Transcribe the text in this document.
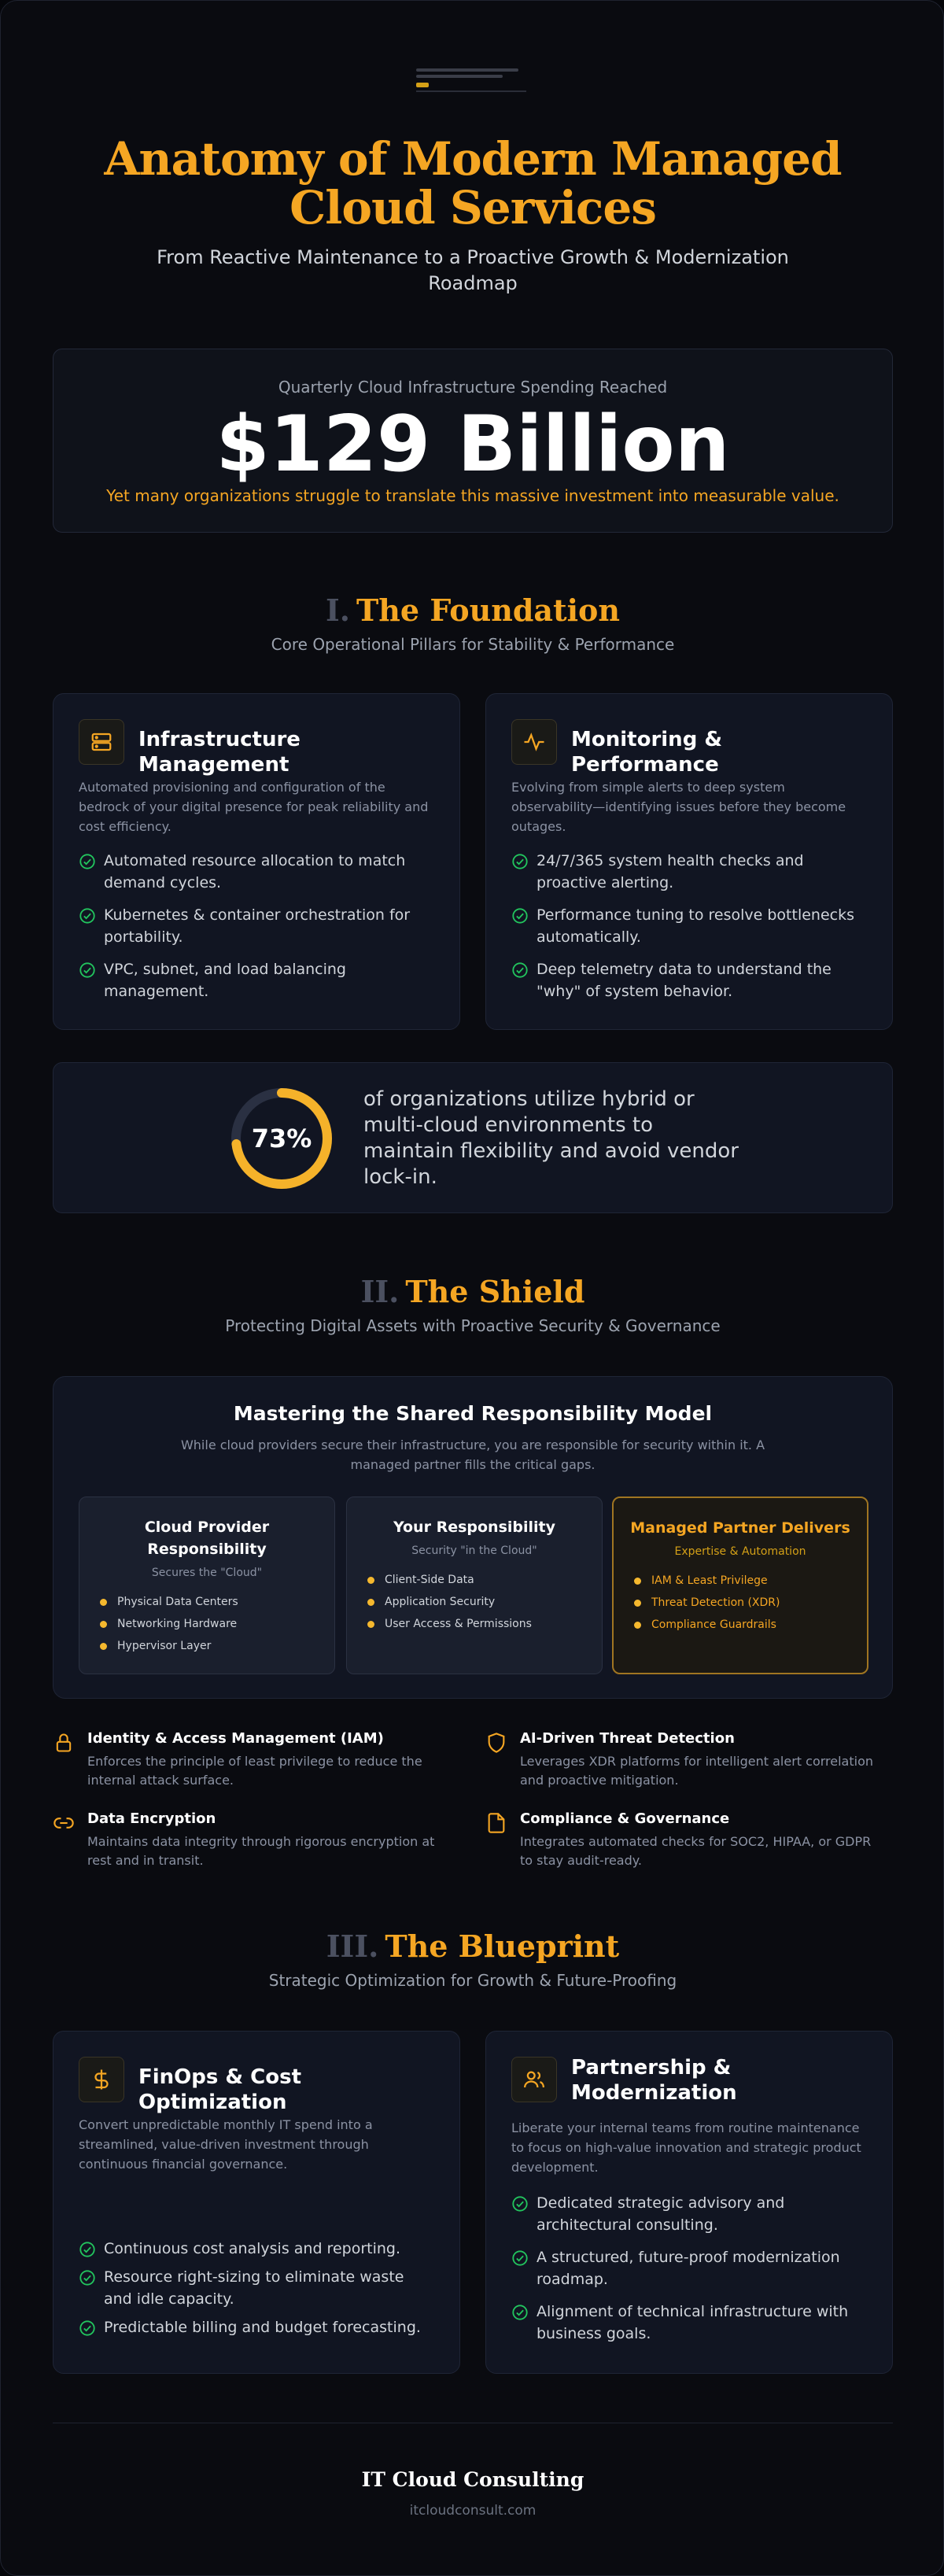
Anatomy of Modern Managed Cloud Services
From Reactive Maintenance to a Proactive Growth & Modernization Roadmap
Quarterly Cloud Infrastructure Spending Reached
$129 Billion
Yet many organizations struggle to translate this massive investment into measurable value.
I. The Foundation
Core Operational Pillars for Stability & Performance
Infrastructure Management
Automated provisioning and configuration of the bedrock of your digital presence for peak reliability and cost efficiency.
Automated resource allocation to match demand cycles.
Kubernetes & container orchestration for portability.
VPC, subnet, and load balancing management.
Monitoring & Performance
Evolving from simple alerts to deep system observability—identifying issues before they become outages.
24/7/365 system health checks and proactive alerting.
Performance tuning to resolve bottlenecks automatically.
Deep telemetry data to understand the "why" of system behavior.
73%
of organizations utilize hybrid or multi-cloud environments to maintain flexibility and avoid vendor lock-in.
II. The Shield
Protecting Digital Assets with Proactive Security & Governance
Mastering the Shared Responsibility Model
While cloud providers secure their infrastructure, you are responsible for security within it. A managed partner fills the critical gaps.
Cloud Provider Responsibility
Secures the "Cloud"
Physical Data Centers
Networking Hardware
Hypervisor Layer
Your Responsibility
Security "in the Cloud"
Client-Side Data
Application Security
User Access & Permissions
Managed Partner Delivers
Expertise & Automation
IAM & Least Privilege
Threat Detection (XDR)
Compliance Guardrails
Identity & Access Management (IAM)
Enforces the principle of least privilege to reduce the internal attack surface.
AI-Driven Threat Detection
Leverages XDR platforms for intelligent alert correlation and proactive mitigation.
Data Encryption
Maintains data integrity through rigorous encryption at rest and in transit.
Compliance & Governance
Integrates automated checks for SOC2, HIPAA, or GDPR to stay audit-ready.
III. The Blueprint
Strategic Optimization for Growth & Future-Proofing
FinOps & Cost Optimization
Convert unpredictable monthly IT spend into a streamlined, value-driven investment through continuous financial governance.
Continuous cost analysis and reporting.
Resource right-sizing to eliminate waste and idle capacity.
Predictable billing and budget forecasting.
Partnership & Modernization
Liberate your internal teams from routine maintenance to focus on high-value innovation and strategic product development.
Dedicated strategic advisory and architectural consulting.
A structured, future-proof modernization roadmap.
Alignment of technical infrastructure with business goals.
IT Cloud Consulting
itcloudconsult.com
